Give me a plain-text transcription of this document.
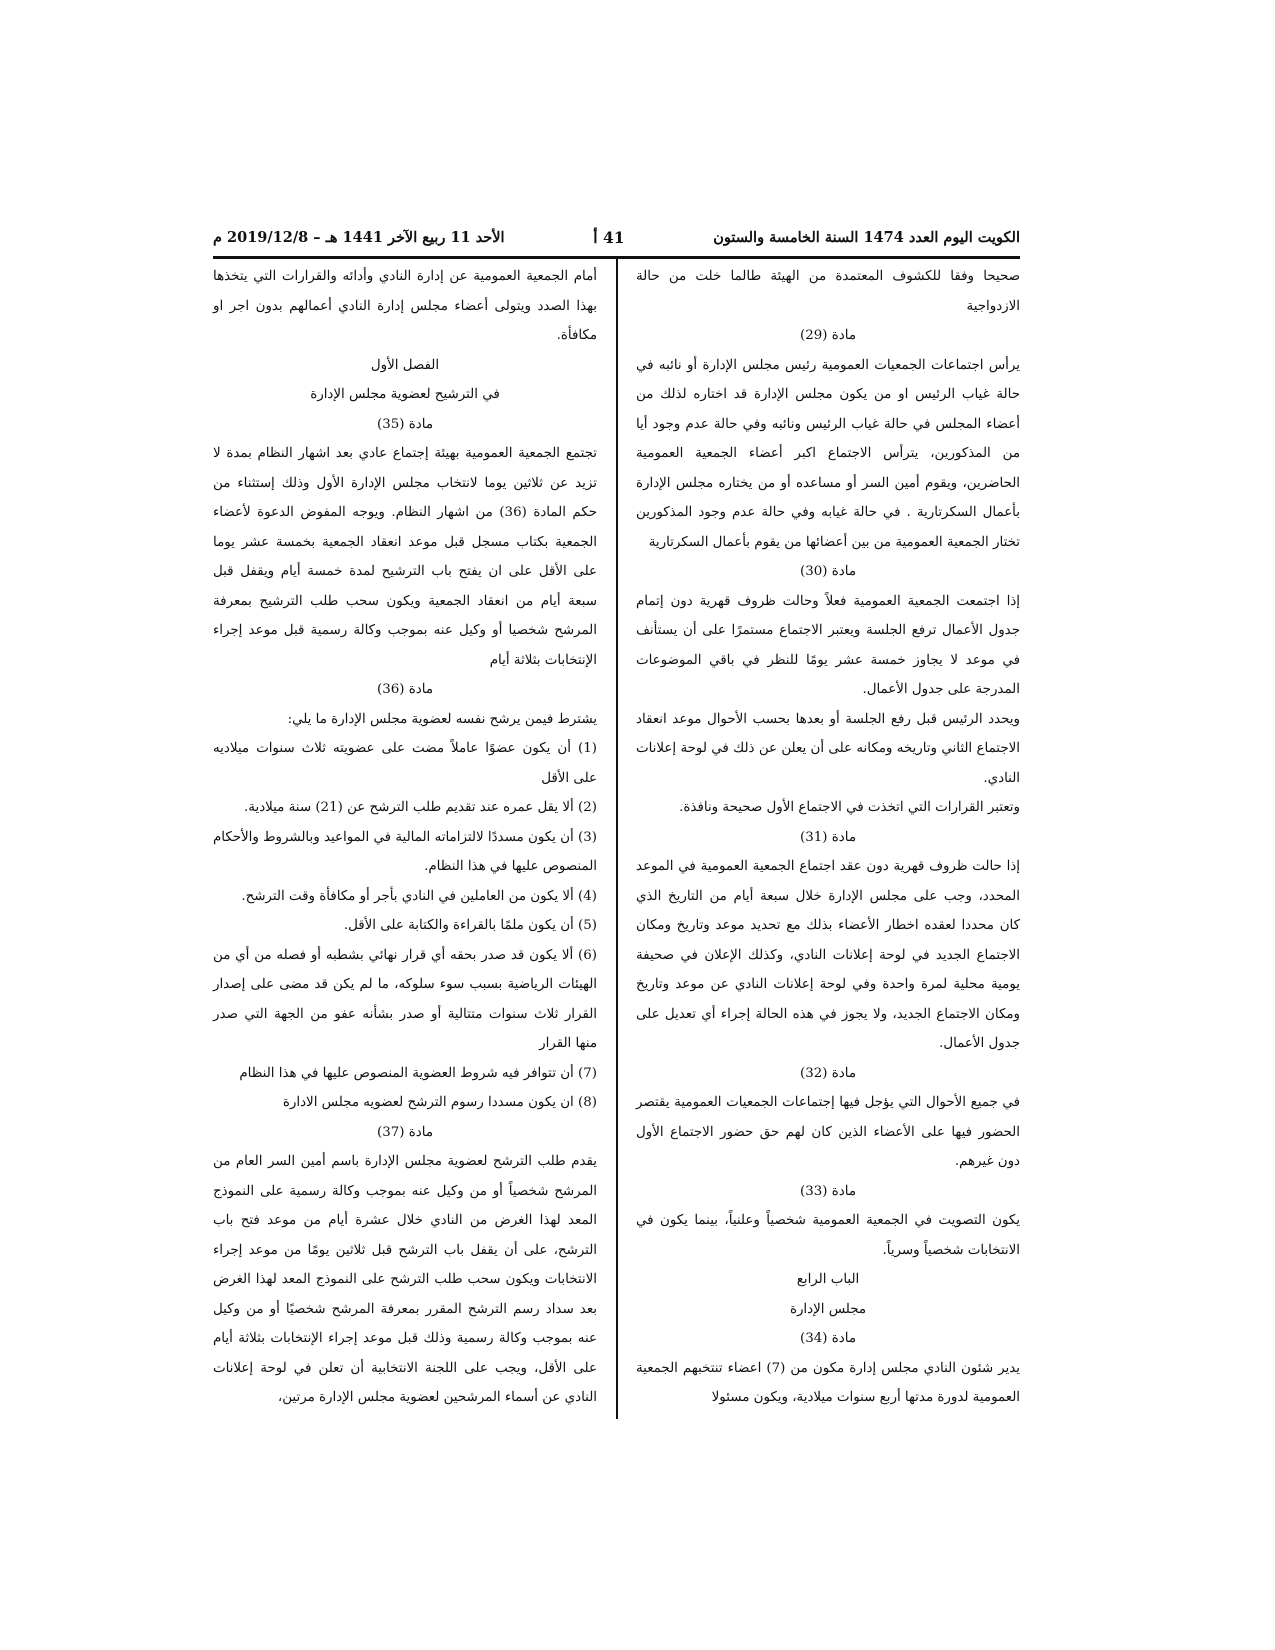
الكويت اليوم العدد 1474 السنة الخامسة والستون
41 أ
الأحد 11 ربيع الآخر 1441 هـ – 2019/12/8 م

صحيحا وفقا للكشوف المعتمدة من الهيئة طالما خلت من حالة الازدواجية

مادة (29)

يرأس اجتماعات الجمعيات العمومية رئيس مجلس الإدارة أو نائبه في حالة غياب الرئيس او من يكون مجلس الإدارة قد اختاره لذلك من أعضاء المجلس في حالة غياب الرئيس ونائبه وفي حالة عدم وجود أيا من المذكورين، يترأس الاجتماع اكبر أعضاء الجمعية العمومية الحاضرين، ويقوم أمين السر أو مساعده أو من يختاره مجلس الإدارة بأعمال السكرتارية . في حالة غيابه وفي حالة عدم وجود المذكورين تختار الجمعية العمومية من بين أعضائها من يقوم بأعمال السكرتارية

مادة (30)

إذا اجتمعت الجمعية العمومية فعلاً وحالت ظروف قهرية دون إتمام جدول الأعمال ترفع الجلسة ويعتبر الاجتماع مستمرًا على أن يستأنف في موعد لا يجاوز خمسة عشر يومًا للنظر في باقي الموضوعات المدرجة على جدول الأعمال.

ويحدد الرئيس قبل رفع الجلسة أو بعدها بحسب الأحوال موعد انعقاد الاجتماع الثاني وتاريخه ومكانه على أن يعلن عن ذلك في لوحة إعلانات النادي.

وتعتبر القرارات التي اتخذت في الاجتماع الأول صحيحة ونافذة.

مادة (31)

إذا حالت ظروف قهرية دون عقد اجتماع الجمعية العمومية في الموعد المحدد، وجب على مجلس الإدارة خلال سبعة أيام من التاريخ الذي كان محددا لعقده اخطار الأعضاء بذلك مع تحديد موعد وتاريخ ومكان الاجتماع الجديد في لوحة إعلانات النادي، وكذلك الإعلان في صحيفة يومية محلية لمرة واحدة وفي لوحة إعلانات النادي عن موعد وتاريخ ومكان الاجتماع الجديد، ولا يجوز في هذه الحالة إجراء أي تعديل على جدول الأعمال.

مادة (32)

في جميع الأحوال التي يؤجل فيها إجتماعات الجمعيات العمومية يقتصر الحضور فيها على الأعضاء الذين كان لهم حق حضور الاجتماع الأول دون غيرهم.

مادة (33)

يكون التصويت في الجمعية العمومية شخصياً وعلنياً، بينما يكون في الانتخابات شخصياً وسرياً.

الباب الرابع

مجلس الإدارة

مادة (34)

يدير شئون النادي مجلس إدارة مكون من (7) اعضاء تنتخبهم الجمعية العمومية لدورة مدتها أربع سنوات ميلادية، ويكون مسئولا

أمام الجمعية العمومية عن إدارة النادي وأدائه والقرارات التي يتخذها بهذا الصدد ويتولى أعضاء مجلس إدارة النادي أعمالهم بدون اجر او مكافأة.

الفصل الأول

في الترشيح لعضوية مجلس الإدارة

مادة (35)

تجتمع الجمعية العمومية بهيئة إجتماع عادي بعد اشهار النظام بمدة لا تزيد عن ثلاثين يوما لانتخاب مجلس الإدارة الأول وذلك إستثناء من حكم المادة (36) من اشهار النظام. ويوجه المفوض الدعوة لأعضاء الجمعية بكتاب مسجل قبل موعد انعقاد الجمعية بخمسة عشر يوما على الأقل على ان يفتح باب الترشيح لمدة خمسة أيام ويقفل قبل سبعة أيام من انعقاد الجمعية ويكون سحب طلب الترشيح بمعرفة المرشح شخصيا أو وكيل عنه بموجب وكالة رسمية قبل موعد إجراء الإنتخابات بثلاثة أيام

مادة (36)

يشترط فيمن يرشح نفسه لعضوية مجلس الإدارة ما يلي:

(1) أن يكون عضوًا عاملاً مضت على عضويته ثلاث سنوات ميلاديه على الأقل

(2) ألا يقل عمره عند تقديم طلب الترشح عن (21) سنة ميلادية.

(3) أن يكون مسددًا لالتزاماته المالية في المواعيد وبالشروط والأحكام المنصوص عليها في هذا النظام.

(4) ألا يكون من العاملين في النادي بأجر أو مكافأة وقت الترشح.

(5) أن يكون ملمًا بالقراءة والكتابة على الأقل.

(6) ألا يكون قد صدر بحقه أي قرار نهائي بشطبه أو فصله من أي من الهيئات الرياضية بسبب سوء سلوكه، ما لم يكن قد مضى على إصدار القرار ثلاث سنوات متتالية أو صدر بشأنه عفو من الجهة التي صدر منها القرار

(7) أن تتوافر فيه شروط العضوية المنصوص عليها في هذا النظام

(8) ان يكون مسددا رسوم الترشح لعضويه مجلس الادارة

مادة (37)

يقدم طلب الترشح لعضوية مجلس الإدارة باسم أمين السر العام من المرشح شخصياً أو من وكيل عنه بموجب وكالة رسمية على النموذج المعد لهذا الغرض من النادي خلال عشرة أيام من موعد فتح باب الترشح، على أن يقفل باب الترشح قبل ثلاثين يومًا من موعد إجراء الانتخابات ويكون سحب طلب الترشح على النموذج المعد لهذا الغرض بعد سداد رسم الترشح المقرر بمعرفة المرشح شخصيًا أو من وكيل عنه بموجب وكالة رسمية وذلك قبل موعد إجراء الإنتخابات بثلاثة أيام على الأقل، ويجب على اللجنة الانتخابية أن تعلن في لوحة إعلانات النادي عن أسماء المرشحين لعضوية مجلس الإدارة مرتين،
